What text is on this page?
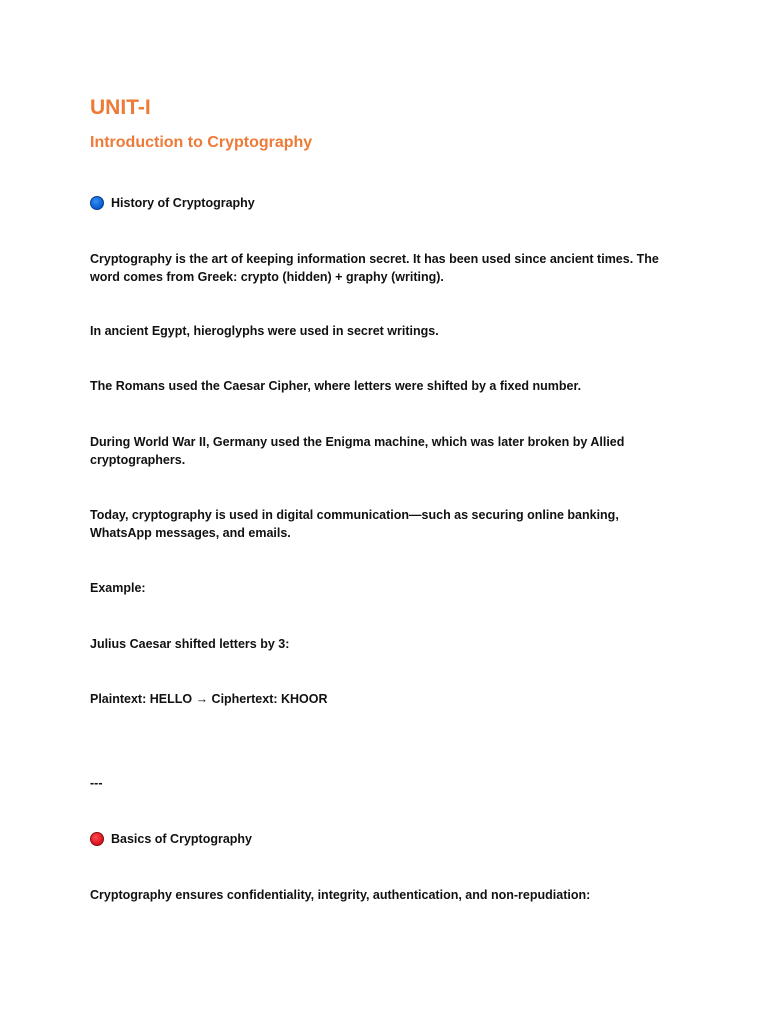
UNIT-I
Introduction to Cryptography
History of Cryptography

Cryptography is the art of keeping information secret. It has been used since ancient times. The word comes from Greek: crypto (hidden) + graphy (writing).

In ancient Egypt, hieroglyphs were used in secret writings.

The Romans used the Caesar Cipher, where letters were shifted by a fixed number.

During World War II, Germany used the Enigma machine, which was later broken by Allied cryptographers.

Today, cryptography is used in digital communication—such as securing online banking, WhatsApp messages, and emails.

Example:

Julius Caesar shifted letters by 3:

Plaintext: HELLO → Ciphertext: KHOOR

---

Basics of Cryptography

Cryptography ensures confidentiality, integrity, authentication, and non-repudiation:
